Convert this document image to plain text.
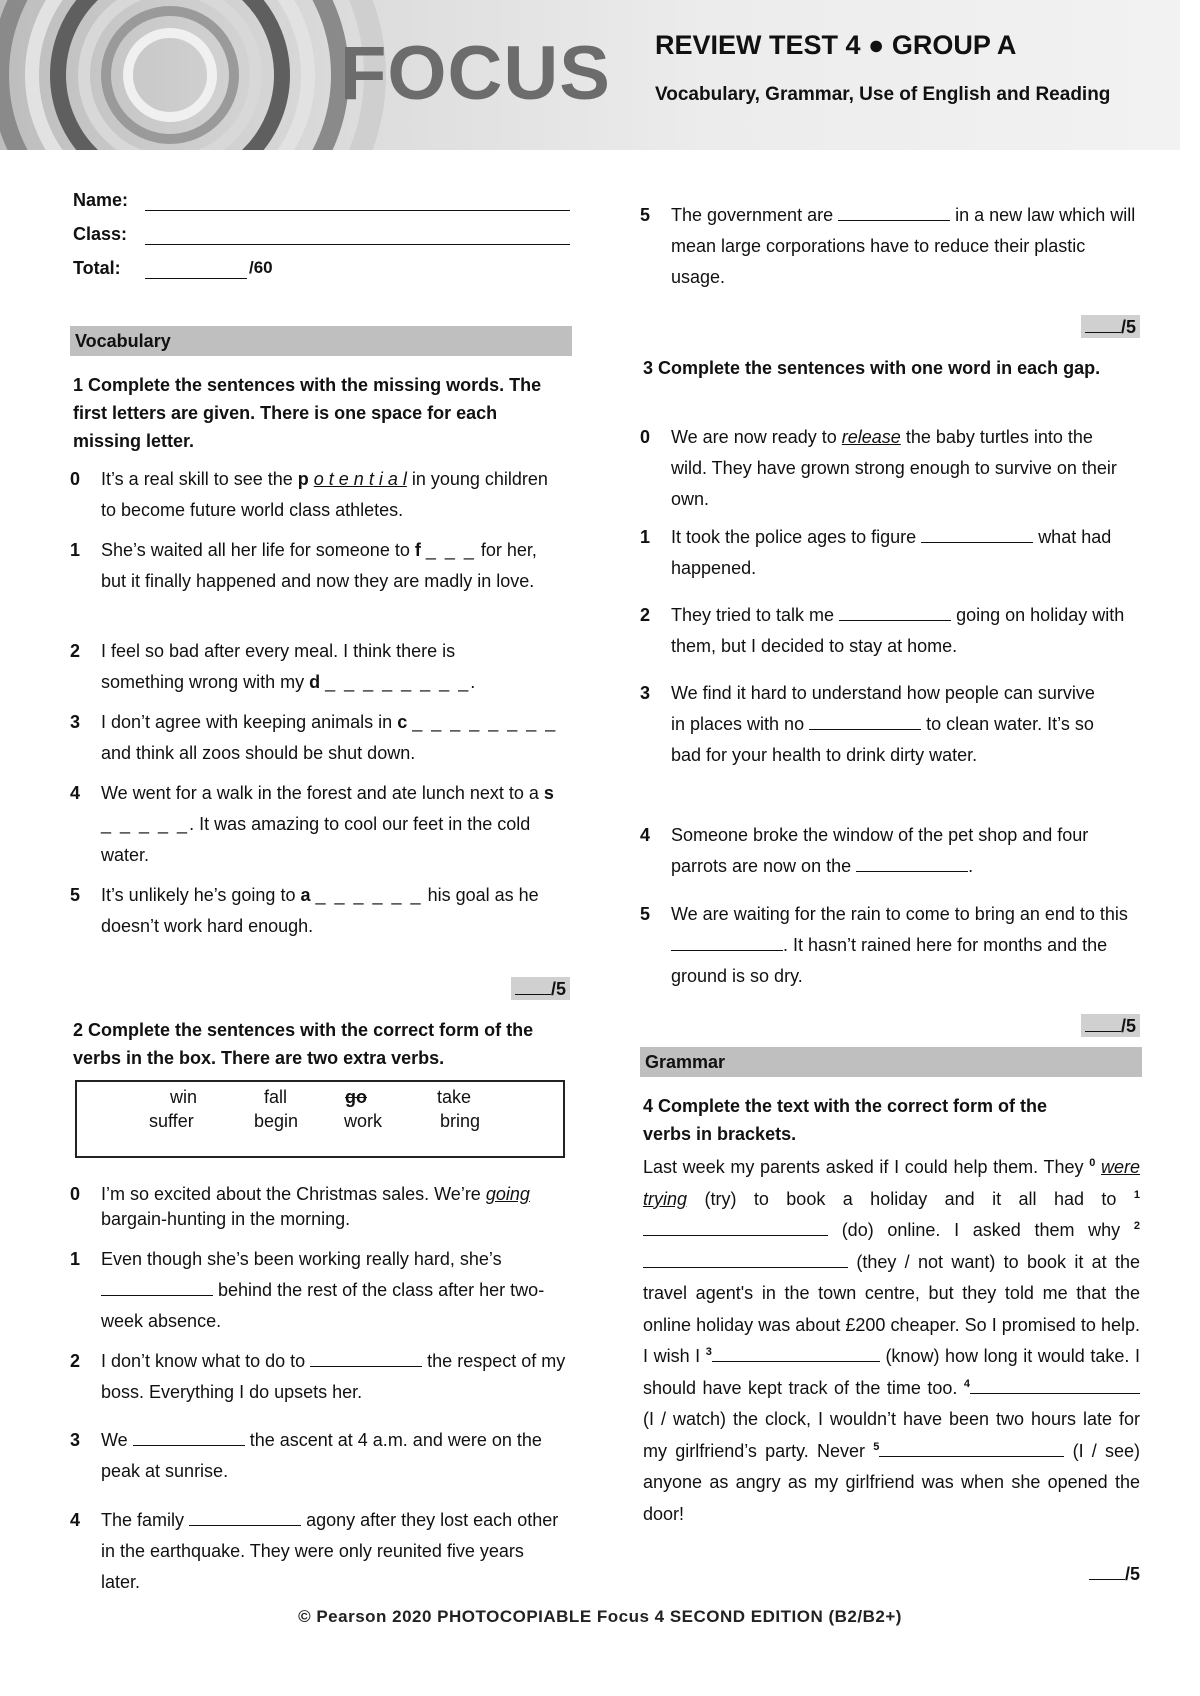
FOCUS REVIEW TEST 4 ● GROUP A
Vocabulary, Grammar, Use of English and Reading
Name:
Class:
Total:	/60
Vocabulary
1 Complete the sentences with the missing words. The first letters are given. There is one space for each missing letter.
0 It’s a real skill to see the p o t e n t i a l in young children to become future world class athletes.
1 She’s waited all her life for someone to f _ _ _ for her, but it finally happened and now they are madly in love.
2 I feel so bad after every meal. I think there is something wrong with my d _ _ _ _ _ _ _ _.
3 I don’t agree with keeping animals in c _ _ _ _ _ _ _ _ and think all zoos should be shut down.
4 We went for a walk in the forest and ate lunch next to a s _ _ _ _ _. It was amazing to cool our feet in the cold water.
5 It’s unlikely he’s going to a _ _ _ _ _ _ his goal as he doesn’t work hard enough.
/5
2 Complete the sentences with the correct form of the verbs in the box. There are two extra verbs.
win	fall	go	take
suffer	begin	work	bring
0 I’m so excited about the Christmas sales. We’re going bargain-hunting in the morning.
1 Even though she’s been working really hard, she’s  behind the rest of the class after her two-week absence.
2 I don’t know what to do to	the respect of my boss. Everything I do upsets her.
3 We	the ascent at 4 a.m. and were on the peak at sunrise.
4 The family	agony after they lost each other in the earthquake. They were only reunited five years later.
5 The government are	in a new law which will mean large corporations have to reduce their plastic usage.
/5
3 Complete the sentences with one word in each gap.
0 We are now ready to release the baby turtles into the wild. They have grown strong enough to survive on their own.
1 It took the police ages to figure	what had happened.
2 They tried to talk me	going on holiday with them, but I decided to stay at home.
3 We find it hard to understand how people can survive in places with no	to clean water. It’s so bad for your health to drink dirty water.
4 Someone broke the window of the pet shop and four parrots are now on the	.
5 We are waiting for the rain to come to bring an end to this . It hasn’t rained here for months and the ground is so dry.
/5
Grammar
4 Complete the text with the correct form of the verbs in brackets.
Last week my parents asked if I could help them. They $^0$ were trying (try) to book a holiday and it all had to $^1$ (do) online. I asked them why $^2$ (they / not want) to book it at the travel agent's in the town centre, but they told me that the online holiday was about £200 cheaper. So I promised to help. I wish I $^3$	(know) how long it would take. I should have kept track of the time too. $^4$ (I / watch) the clock, I wouldn’t have been two hours late for my girlfriend’s party. Never $^5$	(I / see) anyone as angry as my girlfriend was when she opened the door!
/5
© Pearson 2020 PHOTOCOPIABLE Focus 4 SECOND EDITION (B2/B2+)
